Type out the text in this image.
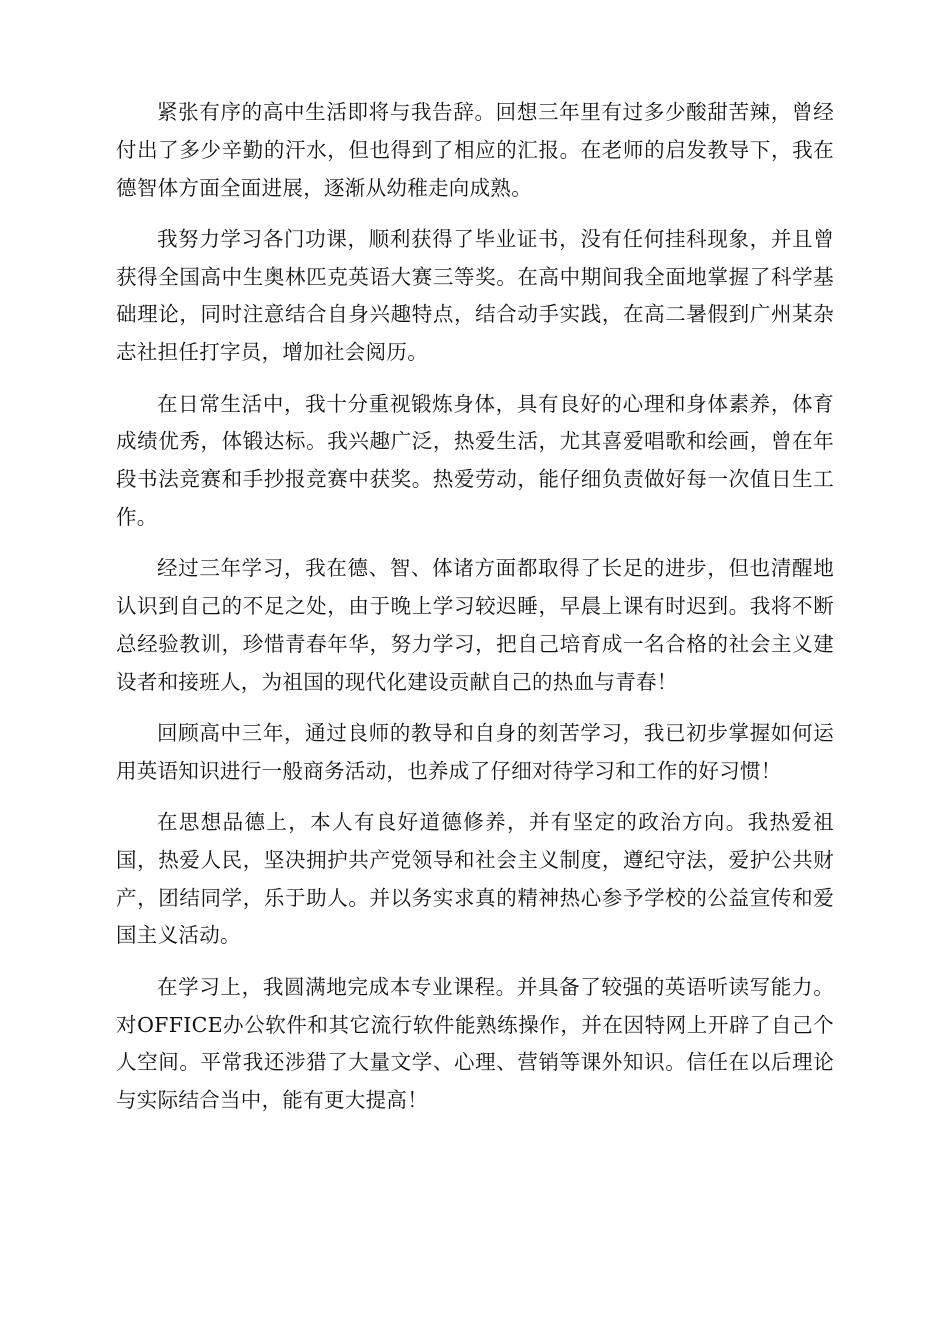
紧张有序的高中生活即将与我告辞。回想三年里有过多少酸甜苦辣，曾经付出了多少辛勤的汗水，但也得到了相应的汇报。在老师的启发教导下，我在德智体方面全面进展，逐渐从幼稚走向成熟。

我努力学习各门功课，顺利获得了毕业证书，没有任何挂科现象，并且曾获得全国高中生奥林匹克英语大赛三等奖。在高中期间我全面地掌握了科学基础理论，同时注意结合自身兴趣特点，结合动手实践，在高二暑假到广州某杂志社担任打字员，增加社会阅历。

在日常生活中，我十分重视锻炼身体，具有良好的心理和身体素养，体育成绩优秀，体锻达标。我兴趣广泛，热爱生活，尤其喜爱唱歌和绘画，曾在年段书法竞赛和手抄报竞赛中获奖。热爱劳动，能仔细负责做好每一次值日生工作。

经过三年学习，我在德、智、体诸方面都取得了长足的进步，但也清醒地认识到自己的不足之处，由于晚上学习较迟睡，早晨上课有时迟到。我将不断总经验教训，珍惜青春年华，努力学习，把自己培育成一名合格的社会主义建设者和接班人，为祖国的现代化建设贡献自己的热血与青春！

回顾高中三年，通过良师的教导和自身的刻苦学习，我已初步掌握如何运用英语知识进行一般商务活动，也养成了仔细对待学习和工作的好习惯！

在思想品德上，本人有良好道德修养，并有坚定的政治方向。我热爱祖国，热爱人民，坚决拥护共产党领导和社会主义制度，遵纪守法，爱护公共财产，团结同学，乐于助人。并以务实求真的精神热心参予学校的公益宣传和爱国主义活动。

在学习上，我圆满地完成本专业课程。并具备了较强的英语听读写能力。对OFFICE办公软件和其它流行软件能熟练操作，并在因特网上开辟了自己个人空间。平常我还涉猎了大量文学、心理、营销等课外知识。信任在以后理论与实际结合当中，能有更大提高！
